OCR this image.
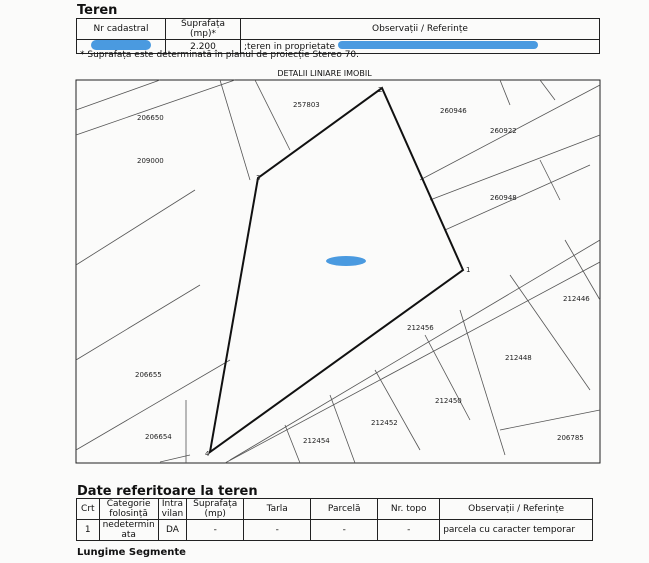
Teren
Nr cadastral	Suprafața (mp)*	Observații / Referințe
	2.200	;teren in proprietate
* Suprafața este determinată în planul de proiecție Stereo 70.
DETALII LINIARE IMOBIL
1
2
3
4
206650
209000
257803
260946
260922
260948
212446
212456
212448
206655
212450
212452
212454
206654	206785
Date referitoare la teren
Crt	Categorie folosință	Intra vilan	Suprafața (mp)	Tarla	Parcelă	Nr. topo	Observații / Referințe
1	nedetermin ata	DA	-	-	-	-	parcela cu caracter temporar
Lungime Segmente
